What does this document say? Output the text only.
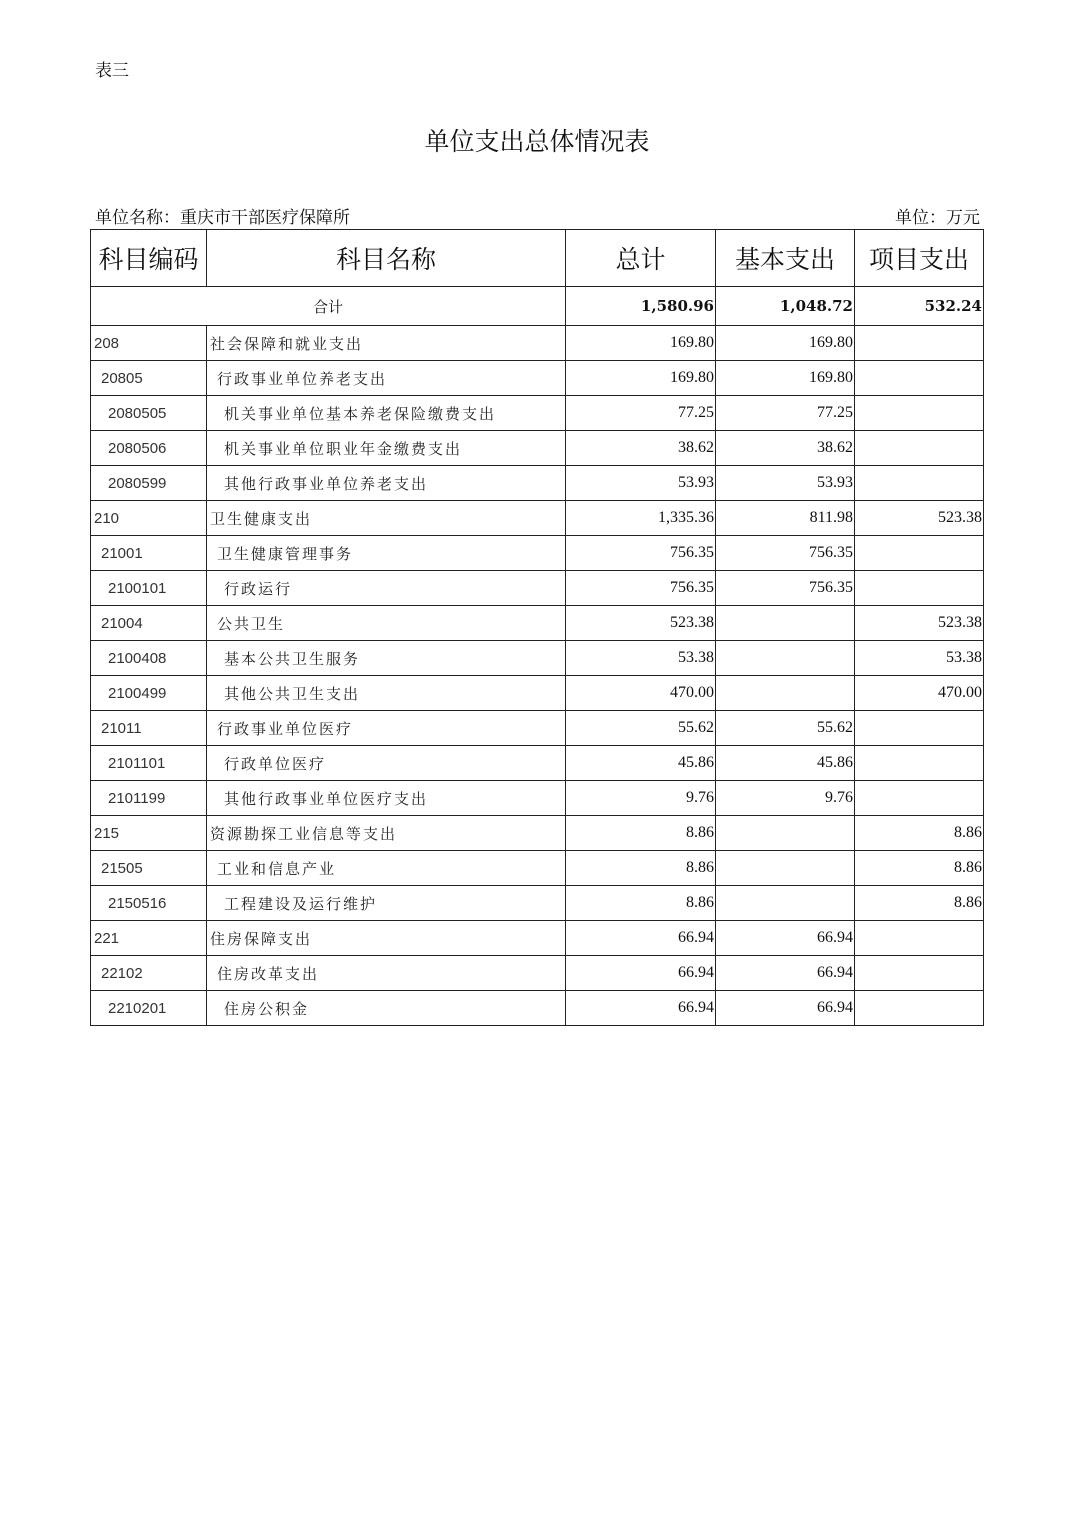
表三
单位支出总体情况表
单位名称：重庆市干部医疗保障所	单位：万元
科目编码	科目名称	总计	基本支出	项目支出
合计		1,580.96	1,048.72	532.24
208	社会保障和就业支出	169.80	169.80	
20805	行政事业单位养老支出	169.80	169.80	
2080505	机关事业单位基本养老保险缴费支出	77.25	77.25	
2080506	机关事业单位职业年金缴费支出	38.62	38.62	
2080599	其他行政事业单位养老支出	53.93	53.93	
210	卫生健康支出	1,335.36	811.98	523.38
21001	卫生健康管理事务	756.35	756.35	
2100101	行政运行	756.35	756.35	
21004	公共卫生	523.38		523.38
2100408	基本公共卫生服务	53.38		53.38
2100499	其他公共卫生支出	470.00		470.00
21011	行政事业单位医疗	55.62	55.62	
2101101	行政单位医疗	45.86	45.86	
2101199	其他行政事业单位医疗支出	9.76	9.76	
215	资源勘探工业信息等支出	8.86		8.86
21505	工业和信息产业	8.86		8.86
2150516	工程建设及运行维护	8.86		8.86
221	住房保障支出	66.94	66.94	
22102	住房改革支出	66.94	66.94	
2210201	住房公积金	66.94	66.94	
